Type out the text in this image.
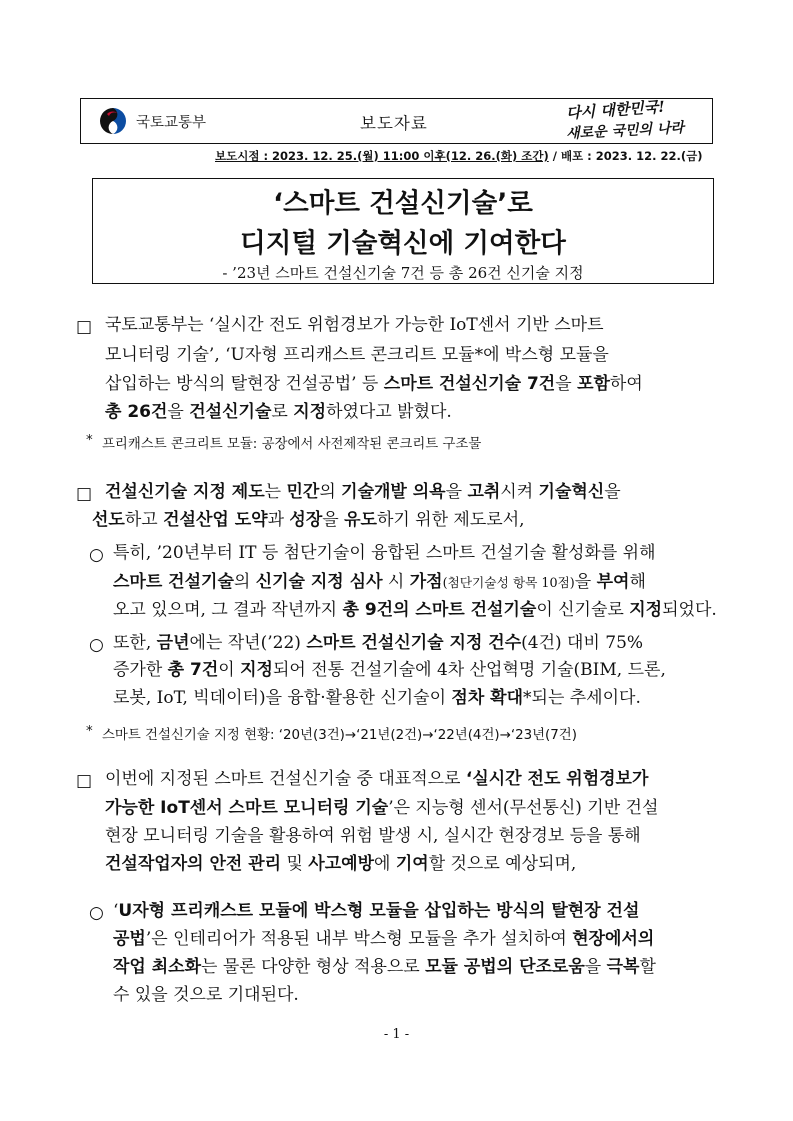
국토교통부	보도자료
다시 대한민국!
새로운 국민의 나라
보도시점 : 2023. 12. 25.(월) 11:00 이후(12. 26.(화) 조간) / 배포 : 2023. 12. 22.(금)
‘스마트 건설신기술’로
디지털 기술혁신에 기여한다
- ’23년 스마트 건설신기술 7건 등 총 26건 신기술 지정
□ 국토교통부는 ‘실시간 전도 위험경보가 가능한 IoT센서 기반 스마트
모니터링 기술’, ‘U자형 프리캐스트 콘크리트 모듈*에 박스형 모듈을
삽입하는 방식의 탈현장 건설공법’ 등 스마트 건설신기술 7건을 포함하여
총 26건을 건설신기술로 지정하였다고 밝혔다.
* 프리캐스트 콘크리트 모듈: 공장에서 사전제작된 콘크리트 구조물
□ 건설신기술 지정 제도는 민간의 기술개발 의욕을 고취시켜 기술혁신을
선도하고 건설산업 도약과 성장을 유도하기 위한 제도로서,
○ 특히, ’20년부터 IT 등 첨단기술이 융합된 스마트 건설기술 활성화를 위해
스마트 건설기술의 신기술 지정 심사 시 가점(첨단기술성 항목 10점)을 부여해
오고 있으며, 그 결과 작년까지 총 9건의 스마트 건설기술이 신기술로 지정되었다.
○ 또한, 금년에는 작년(’22) 스마트 건설신기술 지정 건수(4건) 대비 75%
증가한 총 7건이 지정되어 전통 건설기술에 4차 산업혁명 기술(BIM, 드론,
로봇, IoT, 빅데이터)을 융합·활용한 신기술이 점차 확대*되는 추세이다.
* 스마트 건설신기술 지정 현황: ‘20년(3건)→‘21년(2건)→‘22년(4건)→‘23년(7건)
□ 이번에 지정된 스마트 건설신기술 중 대표적으로 ‘실시간 전도 위험경보가
가능한 IoT센서 스마트 모니터링 기술’은 지능형 센서(무선통신) 기반 건설
현장 모니터링 기술을 활용하여 위험 발생 시, 실시간 현장경보 등을 통해
건설작업자의 안전 관리 및 사고예방에 기여할 것으로 예상되며,
○ ‘U자형 프리캐스트 모듈에 박스형 모듈을 삽입하는 방식의 탈현장 건설
공법’은 인테리어가 적용된 내부 박스형 모듈을 추가 설치하여 현장에서의
작업 최소화는 물론 다양한 형상 적용으로 모듈 공법의 단조로움을 극복할
수 있을 것으로 기대된다.
- 1 -
